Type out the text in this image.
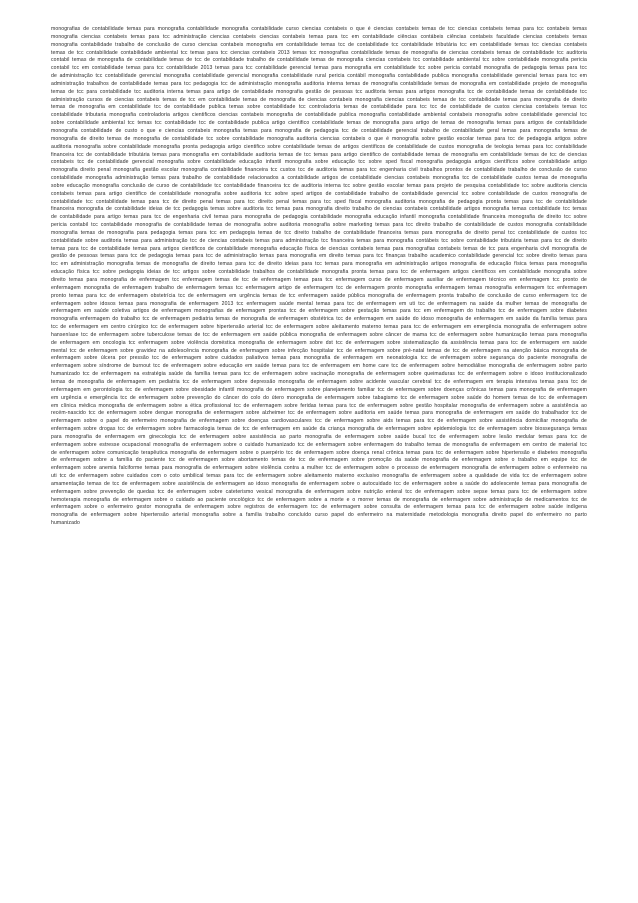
monografias de contabilidade temas para monografia contabilidade monografia contabilidade curso ciencias contabeis o que é ciencias contabeis temas de tcc ciencias contabeis temas para tcc contabeis temas monografia ciencias contabeis temas para tcc administração ciencias contabeis ciencias contabeis temas para tcc em contabilidade ciências contábeis ciências contabeis faculdade ciencias contabeis temas monografia contabilidade trabalho de conclusão de curso ciencias contabeis monografia em contabilidade temas tcc de contabilidade tcc contabilidade tributária tcc em contabilidade temas tcc ciencias contabeis temas de tcc contabilidade contabilidade ambiental tcc temas para tcc ciencias contabeis 2013 temas tcc monografias contabilidade temas de monografia de ciencias contabeis temas de contabilidade tcc auditoria contabil temas de monografia de contabilidade temas de tcc de contabilidade trabalho de contabilidade temas de monografia ciencias contabeis tcc contabilidade ambiental tcc sobre contabilidade monografia pericia contabil tcc em contabilidade temas para tcc contabilidade 2013 temas para tcc contabilidade gerencial temas para monografia em contabilidade tcc sobre pericia contabil monografia de pedagogia temas para tcc de administração tcc contabilidade gerencial monografia contabilidade gerencial monografia contabilidade rural pericia contábil monografia contabilidade publica monografia contabilidade gerencial temas para tcc em administração trabalhos de contabilidade temas para tcc pedagogia tcc de administração monografia auditoria interna temas de monografia contabilidade temas de monografia em contabilidade projeto de monografia temas de tcc para contabilidade tcc auditoria interna temas para artigo de contabilidade monografia gestão de pessoas tcc auditoria temas para artigos monografia tcc de contabilidade temas de contabilidade tcc administração cursos de ciencias contabeis temas de tcc em contabilidade temas de monografia de ciencias contabeis monografia ciencias contabeis temas de tcc contabilidade temas para monografia de direito temas de monografia em contabilidade tcc de contabilidade publica temas sobre contabilidade tcc controladoria temas de contabilidade para tcc tcc de contabilidade de custos ciencias contabeis temas tcc contabilidade tributaria monografia controladoria artigos cientificos ciencias contabeis monografia de contabilidade publica monografia contabilidade ambiental contabeis monografia sobre contabilidade gerencial tcc sobre contabilidade ambiental tcc temas tcc contabilidade tcc de contabilidade publica artigo cientifico contabilidade temas de monografia para artigo de temas de monografia temas para artigos de contabilidade monografia contabilidade de custo o que e ciencias contabeis monografia temas para monografia de pedagogia tcc de contabilidade gerencial trabalho de contabilidade geral temas para monografia temas de monografia de direito temas de monografia de contabilidade tcc sobre contabilidade monografia auditoria ciencias contabeis o que é monografia sobre gestão escolar temas para tcc de pedagogia artigos sobre auditoria monografia sobre contabilidade monografia pronta pedagogia artigo cientifico sobre contabilidade temas de artigos cientificos de contabilidade de custos monografia de teologia temas para tcc contabilidade financeira tcc de contabilidade tributária temas para monografia em contabilidade auditoria temas de tcc temas para artigo cientifico de contabilidade temas de monografia em contabilidade temas de tcc de ciencias contabeis tcc de contabilidade gerencial monografia sobre contabilidade educação infantil monografia sobre educação tcc sobre sped fiscal monografia pedagogia artigos científicos sobre contabilidade artigo monografia direito penal monografia gestão escolar monografia contabilidade financeira tcc custos tcc de auditoria temas para tcc engenharia civil trabalhos prontos de contabilidade trabalho de conclusão de curso contabilidade monografia administração temas para trabalho de contabilidade relacionados a contabilidade artigos de contabilidade ciencias contabeis monografia tcc de contabilidade custos temas de monografia sobre educação monografia conclusão de curso de contabilidade tcc contabilidade financeira tcc de auditoria interna tcc sobre gestão escolar temas para projeto de pesquisa contabilidade tcc sobre auditoria ciencia contabeis temas para artigo cientifico de contabilidade monografia sobre auditoria tcc sobre sped artigos de contabilidade trabalho de contabilidade gerencial tcc sobre contabilidade de custos monografia de contabilidade tcc contabilidade temas para tcc de direito penal temas para tcc direito penal temas para tcc sped fiscal monografia auditoria monografia de pedagogia pronta temas para tcc de contabilidade financeira monografia de contabilidade ideias de tcc pedagogia temas sobre auditoria tcc temas para monografia direito trabalho de ciencias contabeis contabilidade artigos monografia temas contabilidade tcc temas de contabilidade para artigo temas para tcc de engenharia civil temas para monografia de pedagogia contabilidade monografia educação infantil monografia contabilidade financeira monografia de direito tcc sobre pericia contabil tcc contabilidade monografia de contabilidade temas de monografia sobre auditoria monografia sobre marketing temas para tcc direito trabalho de contabilidade de custos monografia contabilidade monografia temas de monografia para pedagogia temas para tcc em pedagogia temas de tcc direito trabalho de contabilidade financeira temas para monografia de direito penal tcc contabilidade de custos tcc contabilidade sobre auditoria temas para administração tcc de ciencias contabeis temas para administração tcc financeira temas para monografia contábeis tcc sobre contabilidade tributária temas para tcc de direito temas para tcc de contabilidade temas para artigos cientificos de contabilidade monografia educação física de ciencias contabeis temas para monografias contabeis temas de tcc para engenharia civil monografia de gestão de pessoas temas para tcc de pedagogia temas para tcc de administração temas para monografia em direito temas para tcc finanças trabalho academico contabilidade gerencial tcc sobre direito temas para tcc em administração monografia temas de monografia de direito temas para tcc de direito ideias para tcc temas para monografia em administração artigos monografia de educação física temas para monografia educação física tcc sobre pedagogia ideias de tcc artigos sobre contabilidade trabalhos de contabilidade monografia pronta temas para tcc de enfermagem artigos científicos em contabilidade monografia sobre direito temas para monografia de enfermagem tcc enfermagem temas de tcc de enfermagem temas para tcc enfermagem curso de enfermagem auxiliar de enfermagem técnico em enfermagem tcc pronto de enfermagem monografia de enfermagem trabalho de enfermagem temas tcc enfermagem artigo de enfermagem tcc de enfermagem pronto monografia enfermagem temas monografia enfermagem tcc enfermagem pronto temas para tcc de enfermagem obstetrícia tcc de enfermagem em urgência temas de tcc enfermagem saúde pública monografia de enfermagem pronta trabalho de conclusão de curso enfermagem tcc de enfermagem sobre idosos temas para monografia de enfermagem 2013 tcc enfermagem saúde mental temas para tcc de enfermagem em uti tcc de enfermagem na saúde da mulher temas de monografia de enfermagem em saúde coletiva artigos de enfermagem monografias de enfermagem prontas tcc de enfermagem sobre gestação temas para tcc em enfermagem do trabalho tcc de enfermagem sobre diabetes monografia enfermagem do trabalho tcc de enfermagem pediatria temas de monografia de enfermagem obstétrica tcc de enfermagem em saúde do idoso monografia de enfermagem em saúde da família temas para tcc de enfermagem em centro cirúrgico tcc de enfermagem sobre hipertensão arterial tcc de enfermagem sobre aleitamento materno temas para tcc de enfermagem em emergência monografia de enfermagem sobre hanseníase tcc de enfermagem sobre tuberculose temas de tcc de enfermagem em saúde pública monografia de enfermagem sobre câncer de mama tcc de enfermagem sobre humanização temas para monografia de enfermagem em oncologia tcc enfermagem sobre violência doméstica monografia de enfermagem sobre dst tcc de enfermagem sobre sistematização da assistência temas para tcc de enfermagem em saúde mental tcc de enfermagem sobre gravidez na adolescência monografia de enfermagem sobre infecção hospitalar tcc de enfermagem sobre pré-natal temas de tcc de enfermagem na atenção básica monografia de enfermagem sobre úlcera por pressão tcc de enfermagem sobre cuidados paliativos temas para monografia de enfermagem em neonatologia tcc de enfermagem sobre segurança do paciente monografia de enfermagem sobre síndrome de burnout tcc de enfermagem sobre educação em saúde temas para tcc de enfermagem em home care tcc de enfermagem sobre hemodiálise monografia de enfermagem sobre parto humanizado tcc de enfermagem na estratégia saúde da família temas para tcc de enfermagem sobre vacinação monografia de enfermagem sobre queimaduras tcc de enfermagem sobre o idoso institucionalizado temas de monografia de enfermagem em pediatria tcc de enfermagem sobre depressão monografia de enfermagem sobre acidente vascular cerebral tcc de enfermagem em terapia intensiva temas para tcc de enfermagem em gerontologia tcc de enfermagem sobre obesidade infantil monografia de enfermagem sobre planejamento familiar tcc de enfermagem sobre doenças crônicas temas para monografia de enfermagem em urgência e emergência tcc de enfermagem sobre prevenção do câncer do colo do útero monografia de enfermagem sobre tabagismo tcc de enfermagem sobre saúde do homem temas de tcc de enfermagem em clínica médica monografia de enfermagem sobre a ética profissional tcc de enfermagem sobre feridas temas para tcc de enfermagem sobre gestão hospitalar monografia de enfermagem sobre a assistência ao recém-nascido tcc de enfermagem sobre dengue monografia de enfermagem sobre alzheimer tcc de enfermagem sobre auditoria em saúde temas para monografia de enfermagem em saúde do trabalhador tcc de enfermagem sobre o papel do enfermeiro monografia de enfermagem sobre doenças cardiovasculares tcc de enfermagem sobre aids temas para tcc de enfermagem sobre assistência domiciliar monografia de enfermagem sobre drogas tcc de enfermagem sobre farmacologia temas de tcc de enfermagem em saúde da criança monografia de enfermagem sobre epidemiologia tcc de enfermagem sobre biossegurança temas para monografia de enfermagem em ginecologia tcc de enfermagem sobre assistência ao parto monografia de enfermagem sobre saúde bucal tcc de enfermagem sobre lesão medular temas para tcc de enfermagem sobre estresse ocupacional monografia de enfermagem sobre o cuidado humanizado tcc de enfermagem sobre enfermagem do trabalho temas de monografia de enfermagem em centro de material tcc de enfermagem sobre comunicação terapêutica monografia de enfermagem sobre o puerpério tcc de enfermagem sobre doença renal crônica temas para tcc de enfermagem sobre hipertensão e diabetes monografia de enfermagem sobre a família do paciente tcc de enfermagem sobre abortamento temas de tcc de enfermagem sobre promoção da saúde monografia de enfermagem sobre o trabalho em equipe tcc de enfermagem sobre anemia falciforme temas para monografia de enfermagem sobre violência contra a mulher tcc de enfermagem sobre o processo de enfermagem monografia de enfermagem sobre o enfermeiro na uti tcc de enfermagem sobre cuidados com o coto umbilical temas para tcc de enfermagem sobre aleitamento materno exclusivo monografia de enfermagem sobre a qualidade de vida tcc de enfermagem sobre amamentação temas de tcc de enfermagem sobre assistência de enfermagem ao idoso monografia de enfermagem sobre o autocuidado tcc de enfermagem sobre a saúde do adolescente temas para monografia de enfermagem sobre prevenção de quedas tcc de enfermagem sobre cateterismo vesical monografia de enfermagem sobre nutrição enteral tcc de enfermagem sobre sepse temas para tcc de enfermagem sobre hemoterapia monografia de enfermagem sobre o cuidado ao paciente oncológico tcc de enfermagem sobre a morte e o morrer temas de monografia de enfermagem sobre administração de medicamentos tcc de enfermagem sobre o enfermeiro gestor monografia de enfermagem sobre registros de enfermagem tcc de enfermagem sobre consulta de enfermagem temas para tcc de enfermagem sobre saúde indígena monografia de enfermagem sobre hipertensão arterial monografia sobre a família trabalho concluído curso papel do enfermeiro na maternidade metodologia monografia direito papel do enfermeiro no parto humanizado
